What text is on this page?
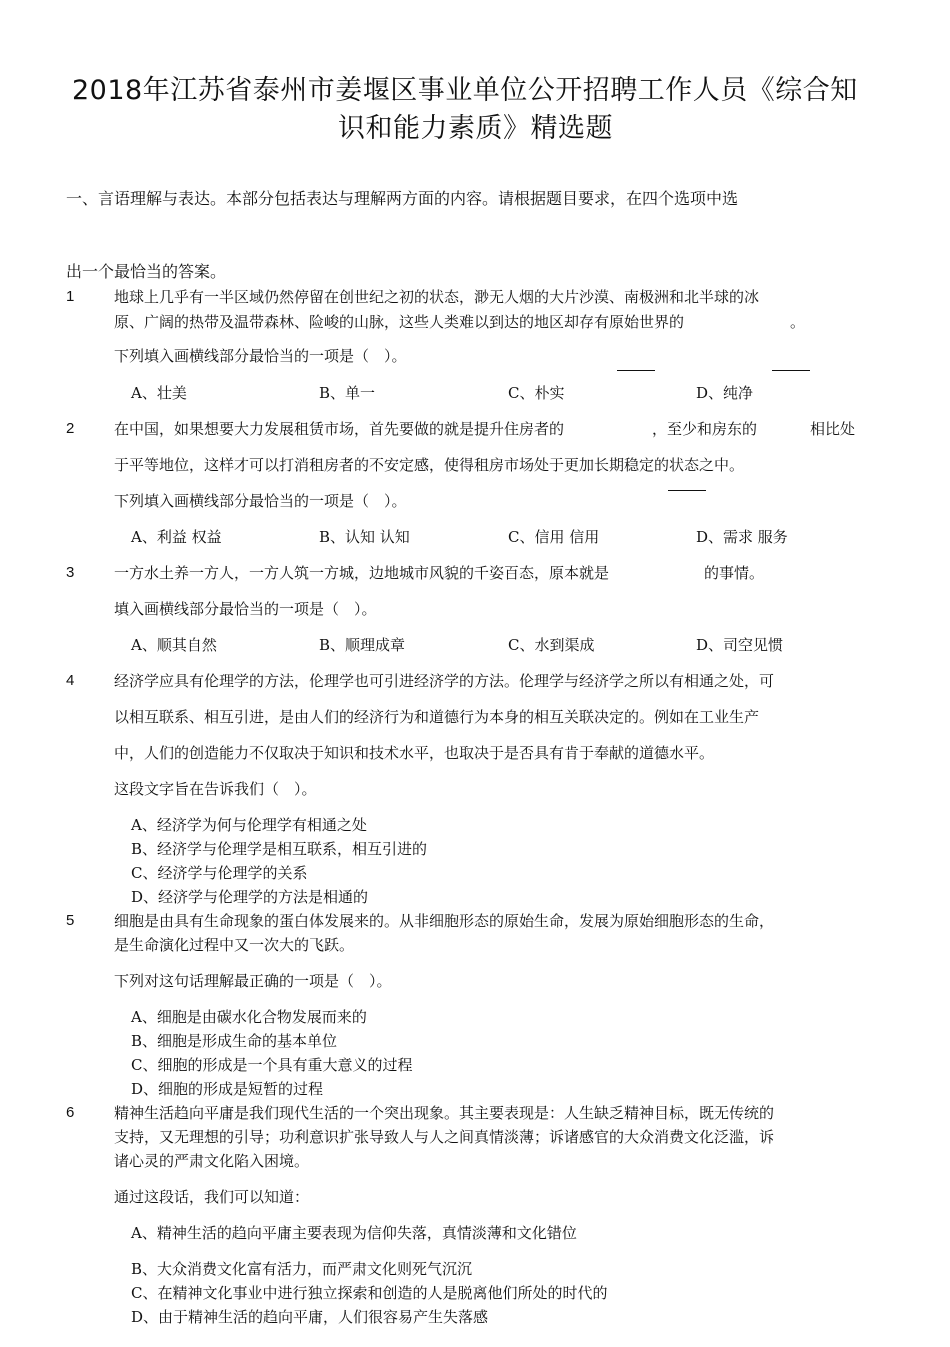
2018年江苏省泰州市姜堰区事业单位公开招聘工作人员《综合知
识和能力素质》精选题
一、言语理解与表达。本部分包括表达与理解两方面的内容。请根据题目要求，在四个选项中选
出一个最恰当的答案。
1	地球上几乎有一半区域仍然停留在创世纪之初的状态，渺无人烟的大片沙漠、南极洲和北半球的冰
原、广阔的热带及温带森林、险峻的山脉，这些人类难以到达的地区却存有原始世界的	。
下列填入画横线部分最恰当的一项是（　）。
A、壮美	B、单一	C、朴实	D、纯净
2	在中国，如果想要大力发展租赁市场，首先要做的就是提升住房者的	，至少和房东的	相比处
于平等地位，这样才可以打消租房者的不安定感，使得租房市场处于更加长期稳定的状态之中。
下列填入画横线部分最恰当的一项是（　）。
A、利益 权益	B、认知 认知	C、信用 信用	D、需求 服务
3	一方水土养一方人，一方人筑一方城，边地城市风貌的千姿百态，原本就是	的事情。
填入画横线部分最恰当的一项是（　）。
A、顺其自然	B、顺理成章	C、水到渠成	D、司空见惯
4	经济学应具有伦理学的方法，伦理学也可引进经济学的方法。伦理学与经济学之所以有相通之处，可
以相互联系、相互引进，是由人们的经济行为和道德行为本身的相互关联决定的。例如在工业生产
中，人们的创造能力不仅取决于知识和技术水平，也取决于是否具有肯于奉献的道德水平。
这段文字旨在告诉我们（　）。
A、经济学为何与伦理学有相通之处
B、经济学与伦理学是相互联系，相互引进的
C、经济学与伦理学的关系
D、经济学与伦理学的方法是相通的
5	细胞是由具有生命现象的蛋白体发展来的。从非细胞形态的原始生命，发展为原始细胞形态的生命，
是生命演化过程中又一次大的飞跃。
下列对这句话理解最正确的一项是（　）。
A、细胞是由碳水化合物发展而来的
B、细胞是形成生命的基本单位
C、细胞的形成是一个具有重大意义的过程
D、细胞的形成是短暂的过程
6	精神生活趋向平庸是我们现代生活的一个突出现象。其主要表现是：人生缺乏精神目标，既无传统的
支持，又无理想的引导；功利意识扩张导致人与人之间真情淡薄；诉诸感官的大众消费文化泛滥，诉
诸心灵的严肃文化陷入困境。
通过这段话，我们可以知道：
A、精神生活的趋向平庸主要表现为信仰失落，真情淡薄和文化错位
B、大众消费文化富有活力，而严肃文化则死气沉沉
C、在精神文化事业中进行独立探索和创造的人是脱离他们所处的时代的
D、由于精神生活的趋向平庸，人们很容易产生失落感
